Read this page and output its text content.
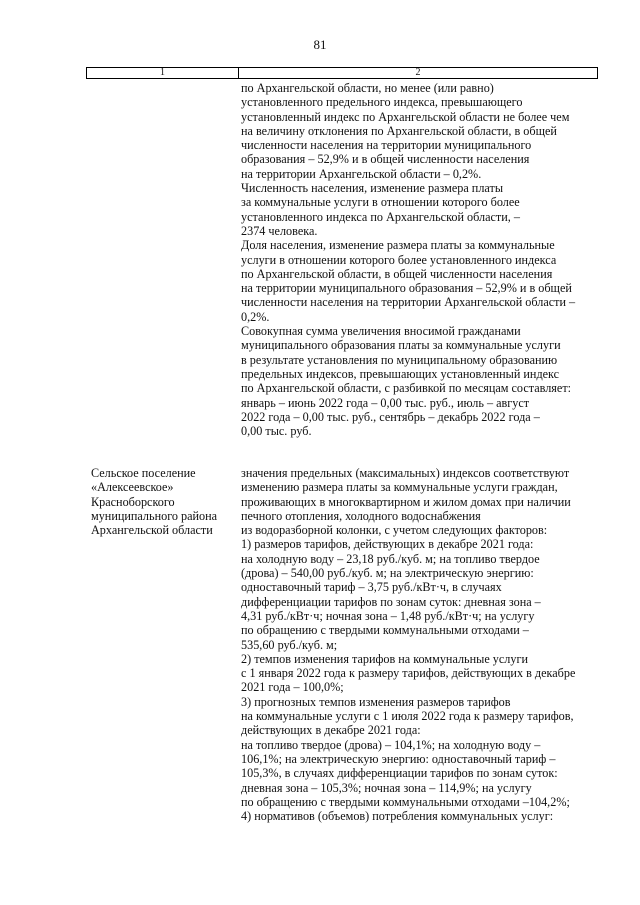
81
1	2
по Архангельской области, но менее (или равно)
установленного предельного индекса, превышающего
установленный индекс по Архангельской области не более чем
на величину отклонения по Архангельской области, в общей
численности населения на территории муниципального
образования – 52,9% и в общей численности населения
на территории Архангельской области – 0,2%.
Численность населения, изменение размера платы
за коммунальные услуги в отношении которого более
установленного индекса по Архангельской области, –
2374 человека.
Доля населения, изменение размера платы за коммунальные
услуги в отношении которого более установленного индекса
по Архангельской области, в общей численности населения
на территории муниципального образования – 52,9% и в общей
численности населения на территории Архангельской области –
0,2%.
Совокупная сумма увеличения вносимой гражданами
муниципального образования платы за коммунальные услуги
в результате установления по муниципальному образованию
предельных индексов, превышающих установленный индекс
по Архангельской области, с разбивкой по месяцам составляет:
январь – июнь 2022 года – 0,00 тыс. руб., июль – август
2022 года – 0,00 тыс. руб., сентябрь – декабрь 2022 года –
0,00 тыс. руб.
Сельское поселение
«Алексеевское»
Красноборского
муниципального района
Архангельской области
значения предельных (максимальных) индексов соответствуют
изменению размера платы за коммунальные услуги граждан,
проживающих в многоквартирном и жилом домах при наличии
печного отопления, холодного водоснабжения
из водоразборной колонки, с учетом следующих факторов:
1) размеров тарифов, действующих в декабре 2021 года:
на холодную воду – 23,18 руб./куб. м; на топливо твердое
(дрова) – 540,00 руб./куб. м; на электрическую энергию:
одноставочный тариф – 3,75 руб./кВт·ч, в случаях
дифференциации тарифов по зонам суток: дневная зона –
4,31 руб./кВт·ч; ночная зона – 1,48 руб./кВт·ч; на услугу
по обращению с твердыми коммунальными отходами –
535,60 руб./куб. м;
2) темпов изменения тарифов на коммунальные услуги
с 1 января 2022 года к размеру тарифов, действующих в декабре
2021 года – 100,0%;
3) прогнозных темпов изменения размеров тарифов
на коммунальные услуги с 1 июля 2022 года к размеру тарифов,
действующих в декабре 2021 года:
на топливо твердое (дрова) – 104,1%; на холодную воду –
106,1%; на электрическую энергию: одноставочный тариф –
105,3%, в случаях дифференциации тарифов по зонам суток:
дневная зона – 105,3%; ночная зона – 114,9%; на услугу
по обращению с твердыми коммунальными отходами –104,2%;
4) нормативов (объемов) потребления коммунальных услуг:
